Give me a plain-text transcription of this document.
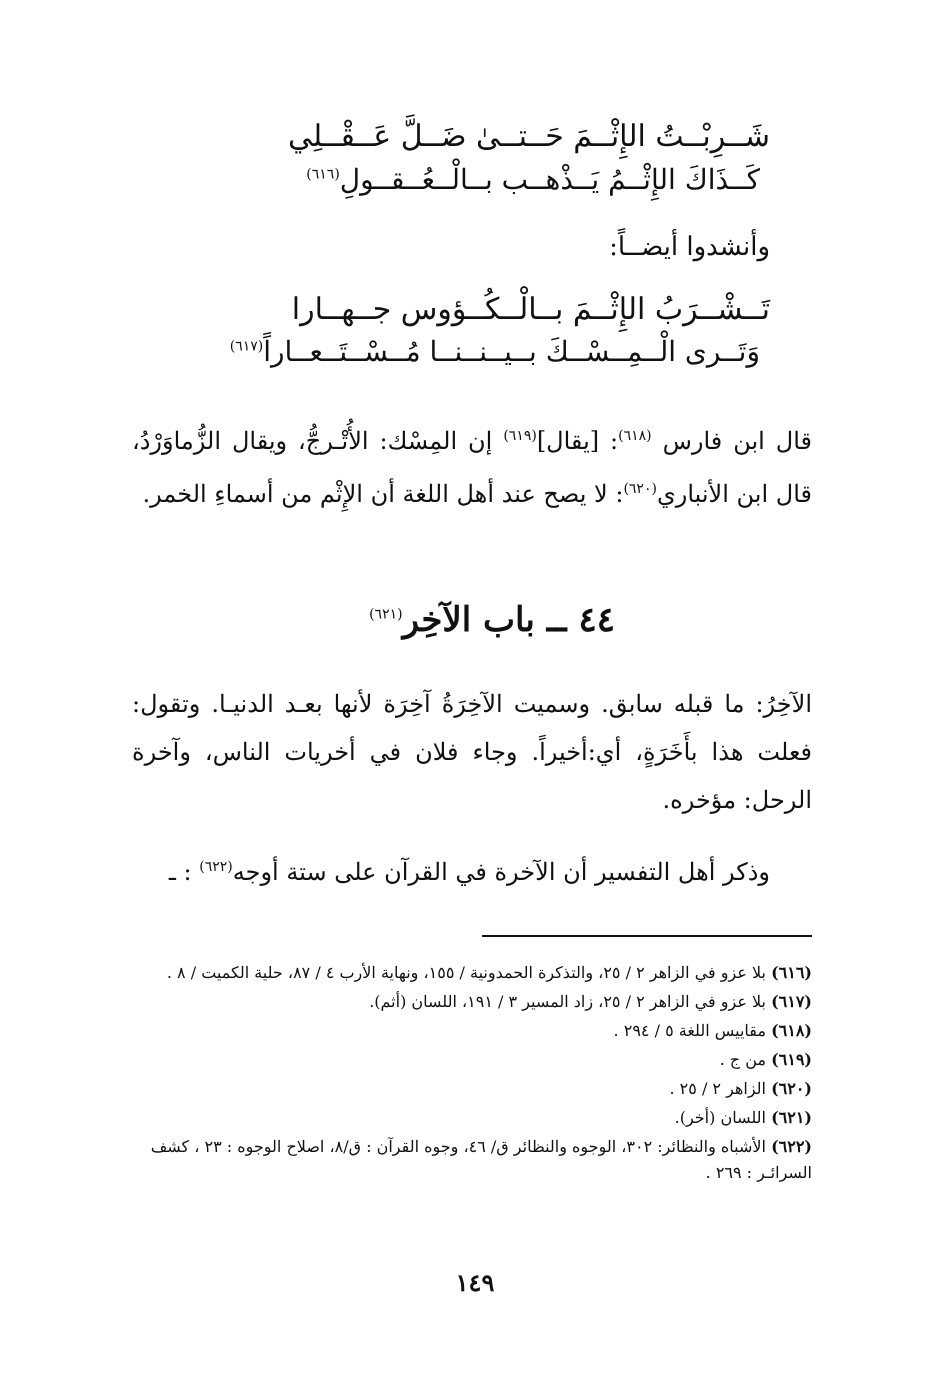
شَــرِبْــتُ الإِثْــمَ حَــتــىٰ ضَــلَّ عَــقْــلِي
كَــذَاكَ الإِثْــمُ يَــذْهــب بــالْــعُــقــولِ$^{(٦١٦)}$
وأنشدوا أيضــاً:
تَــشْــرَبُ الإِثْــمَ بــالْــكُــؤوس جــهــارا
وَتَــرى الْــمِــسْــكَ بــيــنــنــا مُــسْــتَــعــاراً$^{(٦١٧)}$
قال ابن فارس $^{(٦١٨)}$: [يقال]$^{(٦١٩)}$ إن المِسْك: الأُتْـرجُّ، ويقال الزُّماوَرْدُ، قال ابن الأنباري$^{(٦٢٠)}$: لا يصح عند أهل اللغة أن الإِثْم من أسماءِ الخمر.
٤٤ ــ باب الآخِر$^{(٦٢١)}$
الآخِرُ: ما قبله سابق. وسميت الآخِرَةُ آخِرَة لأنها بعـد الدنيـا. وتقول: فعلت هذا بأَخَرَةٍ، أي:أخيراً. وجاء فلان في أخريات الناس، وآخرة الرحل: مؤخره.
وذكر أهل التفسير أن الآخرة في القرآن على ستة أوجه$^{(٦٢٢)}$ : ـ
(٦١٦) بلا عزو في الزاهر ٢ / ٢٥، والتذكرة الحمدونية / ١٥٥، ونهاية الأرب ٤ / ٨٧، حلية الكميت / ٨ .
(٦١٧) بلا عزو في الزاهر ٢ / ٢٥، زاد المسير ٣ / ١٩١، اللسان (أثم).
(٦١٨) مقاييس اللغة ٥ / ٢٩٤ .
(٦١٩) من ج .
(٦٢٠) الزاهر ٢ / ٢٥ .
(٦٢١) اللسان (أخر).
(٦٢٢) الأشباه والنظائر: ٣٠٢، الوجوه والنظائر ق/ ٤٦، وجوه القرآن : ق/٨، اصلاح الوجوه : ٢٣ ، كشف السرائـر : ٢٦٩ .
١٤٩
